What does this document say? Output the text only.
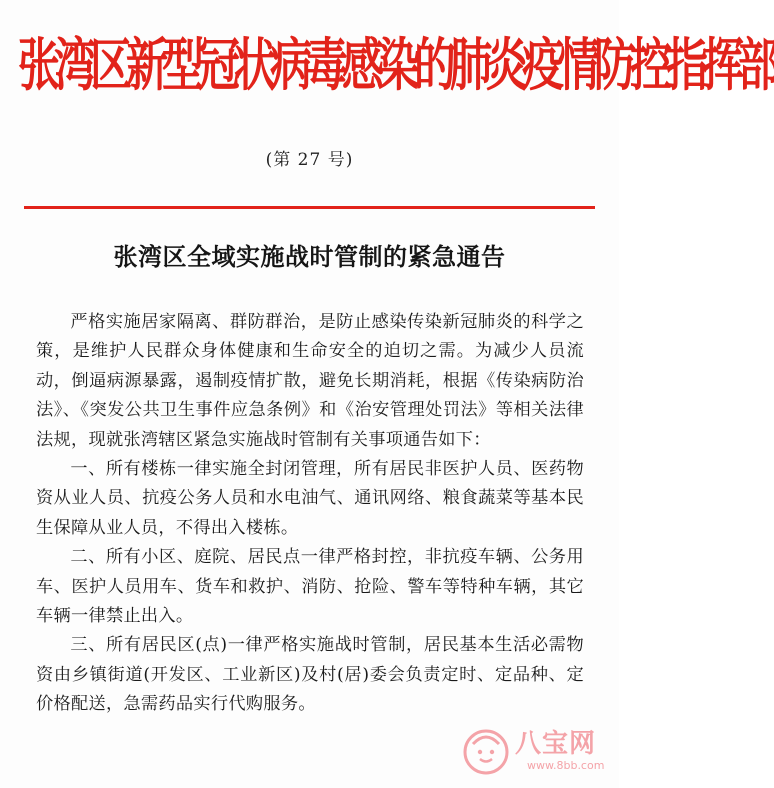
张湾区新型冠状病毒感染的肺炎疫情防控指挥部
(第 27 号)
张湾区全域实施战时管制的紧急通告

严格实施居家隔离、群防群治，是防止感染传染新冠肺炎的科学之策，是维护人民群众身体健康和生命安全的迫切之需。为减少人员流动，倒逼病源暴露，遏制疫情扩散，避免长期消耗，根据《传染病防治法》、《突发公共卫生事件应急条例》和《治安管理处罚法》等相关法律法规，现就张湾辖区紧急实施战时管制有关事项通告如下：

一、所有楼栋一律实施全封闭管理，所有居民非医护人员、医药物资从业人员、抗疫公务人员和水电油气、通讯网络、粮食蔬菜等基本民生保障从业人员，不得出入楼栋。

二、所有小区、庭院、居民点一律严格封控，非抗疫车辆、公务用车、医护人员用车、货车和救护、消防、抢险、警车等特种车辆，其它车辆一律禁止出入。

三、所有居民区(点)一律严格实施战时管制，居民基本生活必需物资由乡镇街道(开发区、工业新区)及村(居)委会负责定时、定品种、定价格配送，急需药品实行代购服务。

八宝网
www.8bb.com
